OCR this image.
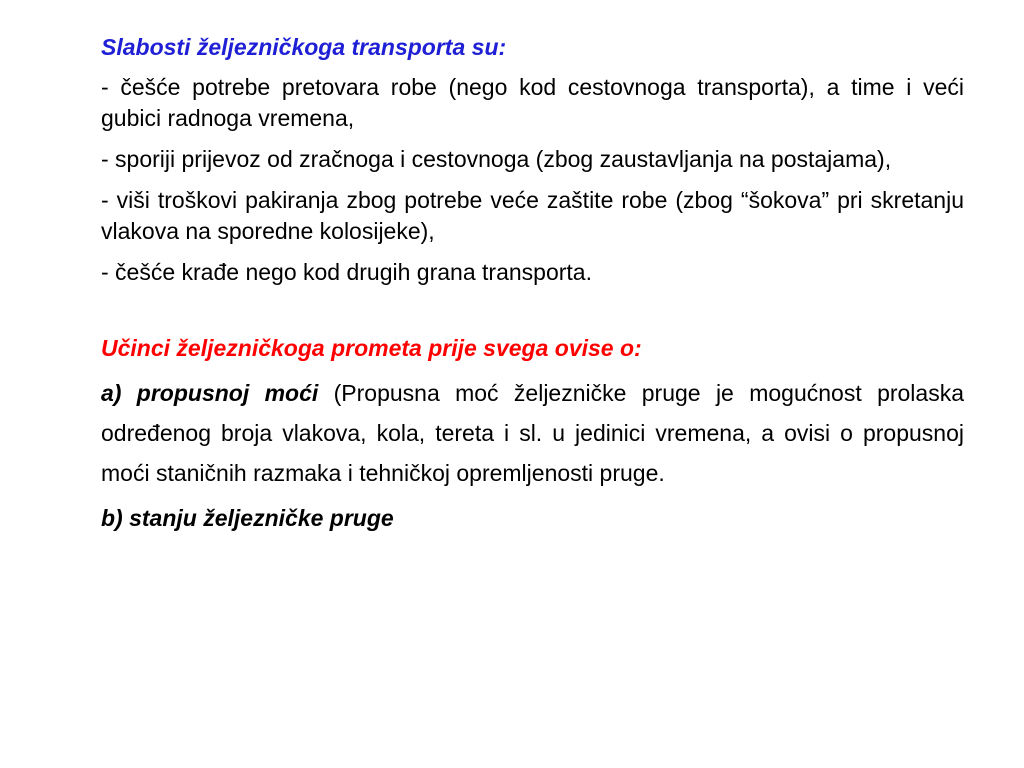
Slabosti željezničkoga transporta su:

- češće potrebe pretovara robe (nego kod cestovnoga transporta), a time i veći gubici radnoga vremena,

- sporiji prijevoz od zračnoga i cestovnoga (zbog zaustavljanja na postajama),

- viši troškovi pakiranja zbog potrebe veće zaštite robe (zbog “šokova” pri skretanju vlakova na sporedne kolosijeke),

- češće krađe nego kod drugih grana transporta.

Učinci željezničkoga prometa prije svega ovise o:

a) propusnoj moći (Propusna moć željezničke pruge je mogućnost prolaska određenog broja vlakova, kola, tereta i sl. u jedinici vremena, a ovisi o propusnoj moći staničnih razmaka i tehničkoj opremljenosti pruge.

b) stanju željezničke pruge
